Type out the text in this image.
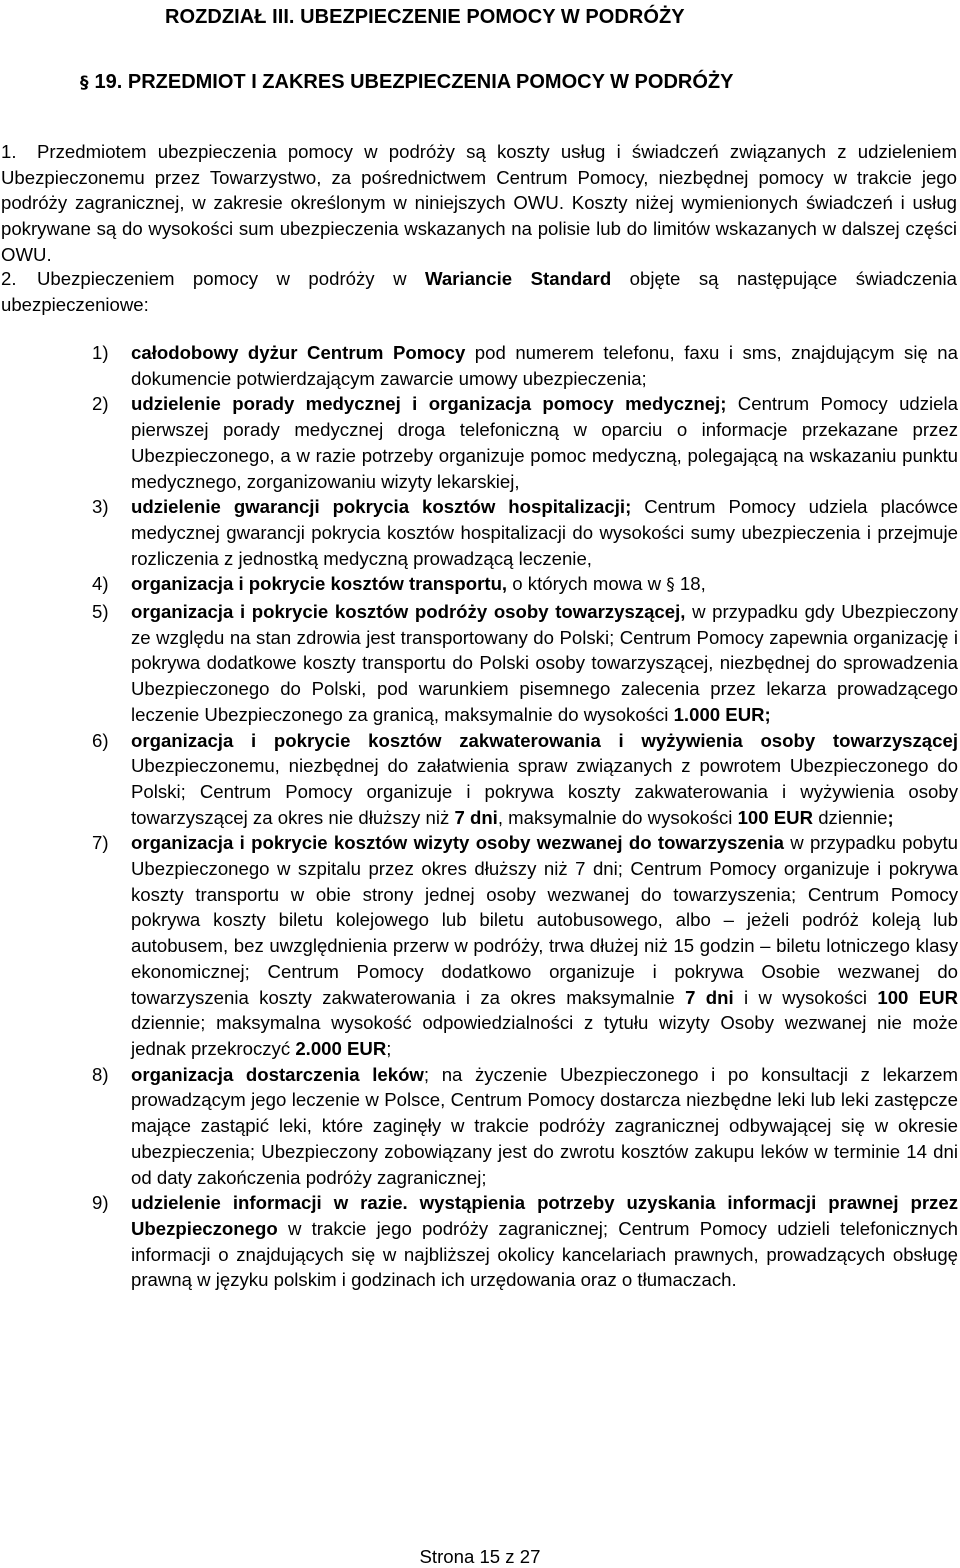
ROZDZIAŁ III. UBEZPIECZENIE POMOCY W PODRÓŻY
§ 19. PRZEDMIOT I ZAKRES UBEZPIECZENIA POMOCY W PODRÓŻY
1.	Przedmiotem ubezpieczenia pomocy w podróży są koszty usług i świadczeń związanych z udzieleniem Ubezpieczonemu przez Towarzystwo, za pośrednictwem Centrum Pomocy, niezbędnej pomocy w trakcie jego podróży zagranicznej, w zakresie określonym w niniejszych OWU. Koszty niżej wymienionych świadczeń i usług pokrywane są do wysokości sum ubezpieczenia wskazanych na polisie lub do limitów wskazanych w dalszej części OWU.
2.	Ubezpieczeniem pomocy w podróży w Wariancie Standard objęte są następujące świadczenia ubezpieczeniowe:
1) całodobowy dyżur Centrum Pomocy pod numerem telefonu, faxu i sms, znajdującym się na dokumencie potwierdzającym zawarcie umowy ubezpieczenia;
2) udzielenie porady medycznej i organizacja pomocy medycznej; Centrum Pomocy udziela pierwszej porady medycznej droga telefoniczną w oparciu o informacje przekazane przez Ubezpieczonego, a w razie potrzeby organizuje pomoc medyczną, polegającą na wskazaniu punktu medycznego, zorganizowaniu wizyty lekarskiej,
3) udzielenie gwarancji pokrycia kosztów hospitalizacji; Centrum Pomocy udziela placówce medycznej gwarancji pokrycia kosztów hospitalizacji do wysokości sumy ubezpieczenia i przejmuje rozliczenia z jednostką medyczną prowadzącą leczenie,
4) organizacja i pokrycie kosztów transportu, o których mowa w § 18,
5) organizacja i pokrycie kosztów podróży osoby towarzyszącej, w przypadku gdy Ubezpieczony ze względu na stan zdrowia jest transportowany do Polski; Centrum Pomocy zapewnia organizację i pokrywa dodatkowe koszty transportu do Polski osoby towarzyszącej, niezbędnej do sprowadzenia Ubezpieczonego do Polski, pod warunkiem pisemnego zalecenia przez lekarza prowadzącego leczenie Ubezpieczonego za granicą, maksymalnie do wysokości 1.000 EUR;
6) organizacja i pokrycie kosztów zakwaterowania i wyżywienia osoby towarzyszącej Ubezpieczonemu, niezbędnej do załatwienia spraw związanych z powrotem Ubezpieczonego do Polski; Centrum Pomocy organizuje i pokrywa koszty zakwaterowania i wyżywienia osoby towarzyszącej za okres nie dłuższy niż 7 dni, maksymalnie do wysokości 100 EUR dziennie;
7) organizacja i pokrycie kosztów wizyty osoby wezwanej do towarzyszenia w przypadku pobytu Ubezpieczonego w szpitalu przez okres dłuższy niż 7 dni; Centrum Pomocy organizuje i pokrywa koszty transportu w obie strony jednej osoby wezwanej do towarzyszenia; Centrum Pomocy pokrywa koszty biletu kolejowego lub biletu autobusowego, albo – jeżeli podróż koleją lub autobusem, bez uwzględnienia przerw w podróży, trwa dłużej niż 15 godzin – biletu lotniczego klasy ekonomicznej; Centrum Pomocy dodatkowo organizuje i pokrywa Osobie wezwanej do towarzyszenia koszty zakwaterowania i za okres maksymalnie 7 dni i w wysokości 100 EUR dziennie; maksymalna wysokość odpowiedzialności z tytułu wizyty Osoby wezwanej nie może jednak przekroczyć 2.000 EUR;
8) organizacja dostarczenia leków; na życzenie Ubezpieczonego i po konsultacji z lekarzem prowadzącym jego leczenie w Polsce, Centrum Pomocy dostarcza niezbędne leki lub leki zastępcze mające zastąpić leki, które zaginęły w trakcie podróży zagranicznej odbywającej się w okresie ubezpieczenia; Ubezpieczony zobowiązany jest do zwrotu kosztów zakupu leków w terminie 14 dni od daty zakończenia podróży zagranicznej;
9) udzielenie informacji w razie. wystąpienia potrzeby uzyskania informacji prawnej przez Ubezpieczonego w trakcie jego podróży zagranicznej; Centrum Pomocy udzieli telefonicznych informacji o znajdujących się w najbliższej okolicy kancelariach prawnych, prowadzących obsługę prawną w języku polskim i godzinach ich urzędowania oraz o tłumaczach.
Strona 15 z 27
